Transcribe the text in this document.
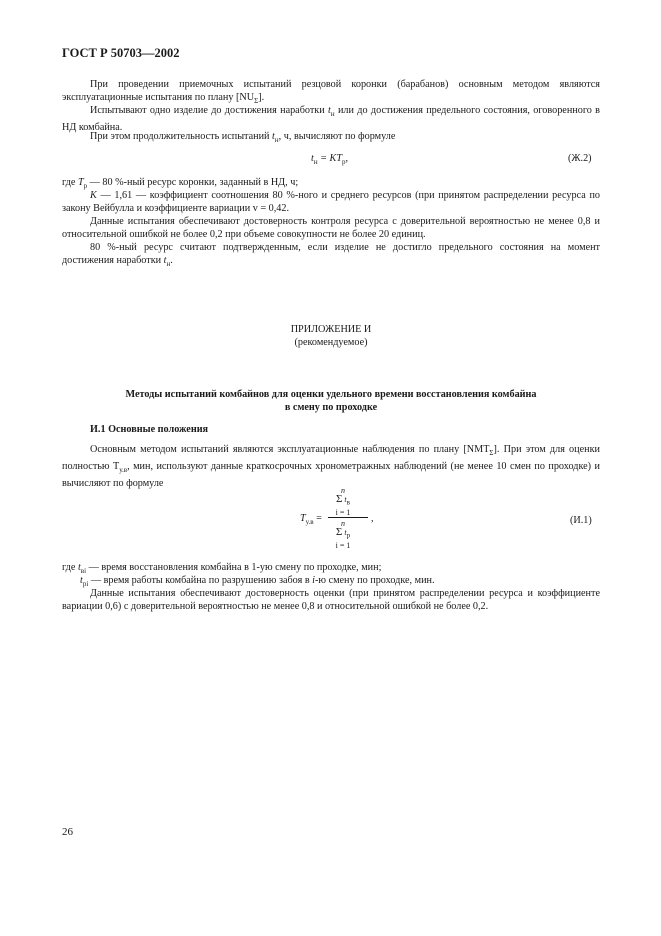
ГОСТ Р 50703—2002
При проведении приемочных испытаний резцовой коронки (барабанов) основным методом являются эксплуатационные испытания по плану $[NU_\Sigma]$.
Испытывают одно изделие до достижения наработки $t_н$ или до достижения предельного состояния, оговоренного в НД комбайна.
При этом продолжительность испытаний $t_н$, ч, вычисляют по формуле
$t_н = KT_р$,	(Ж.2)
где $T_р$ — 80 %-ный ресурс коронки, заданный в НД, ч;
K — 1,61 — коэффициент соотношения 80 %-ного и среднего ресурсов (при принятом распределении ресурса по закону Вейбулла и коэффициенте вариации v = 0,42.
Данные испытания обеспечивают достоверность контроля ресурса с доверительной вероятностью не менее 0,8 и относительной ошибкой не более 0,2 при объеме совокупности не более 20 единиц.
80 %-ный ресурс считают подтвержденным, если изделие не достигло предельного состояния на момент достижения наработки $t_н$.
ПРИЛОЖЕНИЕ И
(рекомендуемое)
Методы испытаний комбайнов для оценки удельного времени восстановления комбайна
в смену по проходке
И.1 Основные положения
Основным методом испытаний являются эксплуатационные наблюдения по плану $[NMT_\Sigma]$. При этом для оценки полностью $T_{у.в}$, мин, используют данные краткосрочных хронометражных наблюдений (не менее 10 смен по проходке) и вычисляют по формуле
$T_{у.в}$ =
n
Σ $t_в$
i = 1
n
Σ $t_р$
i = 1
,	(И.1)
где $t_{вi}$ — время восстановления комбайна в 1-ую смену по проходке, мин;
$t_{рi}$ — время работы комбайна по разрушению забоя в i-ю смену по проходке, мин.
Данные испытания обеспечивают достоверность оценки (при принятом распределении ресурса и коэффициенте вариации 0,6) с доверительной вероятностью не менее 0,8 и относительной ошибкой не более 0,2.
26
